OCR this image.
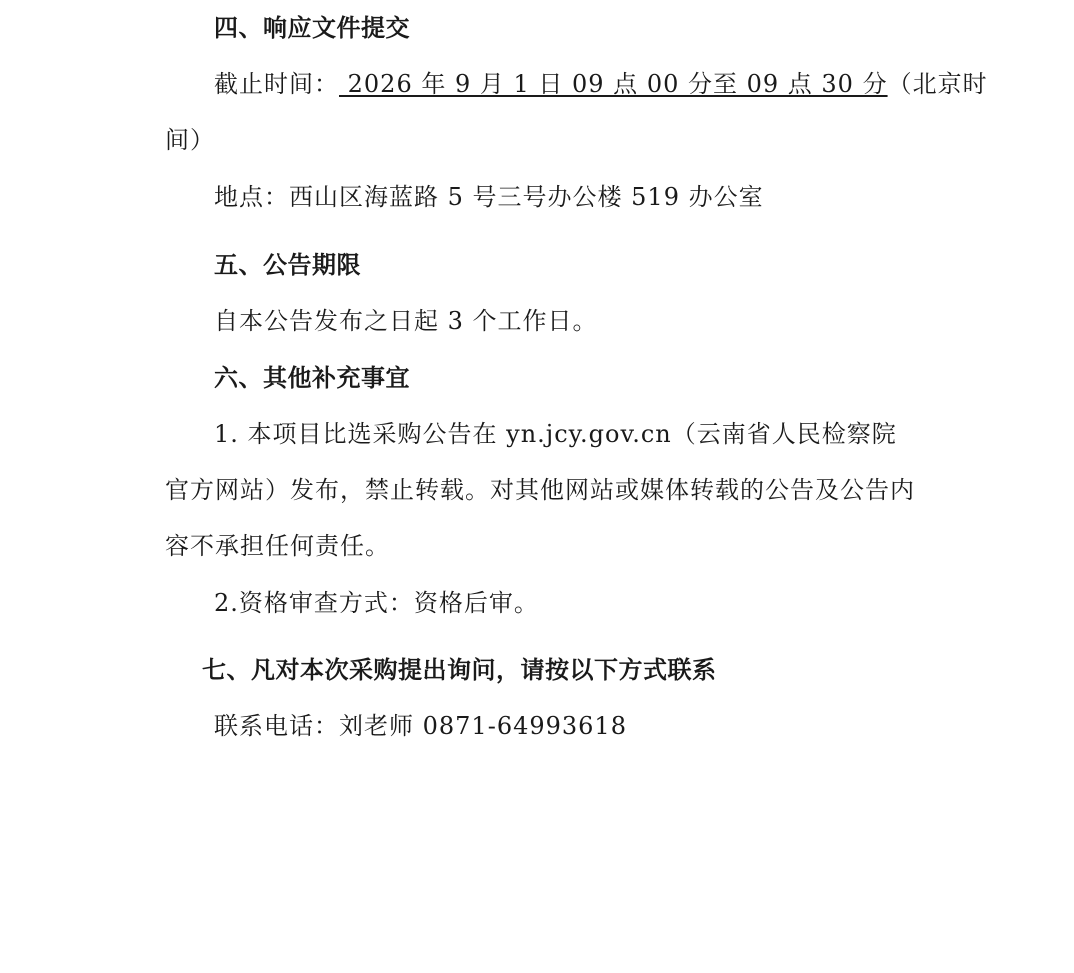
四、响应文件提交
截止时间： 2026 年 9 月 1 日 09 点 00 分至 09 点 30 分（北京时
间）
地点：西山区海蓝路 5 号三号办公楼 519 办公室
五、公告期限
自本公告发布之日起 3 个工作日。
六、其他补充事宜
1. 本项目比选采购公告在 yn.jcy.gov.cn（云南省人民检察院
官方网站）发布，禁止转载。对其他网站或媒体转载的公告及公告内
容不承担任何责任。
2.资格审查方式：资格后审。
七、凡对本次采购提出询问，请按以下方式联系
联系电话：刘老师 0871-64993618
